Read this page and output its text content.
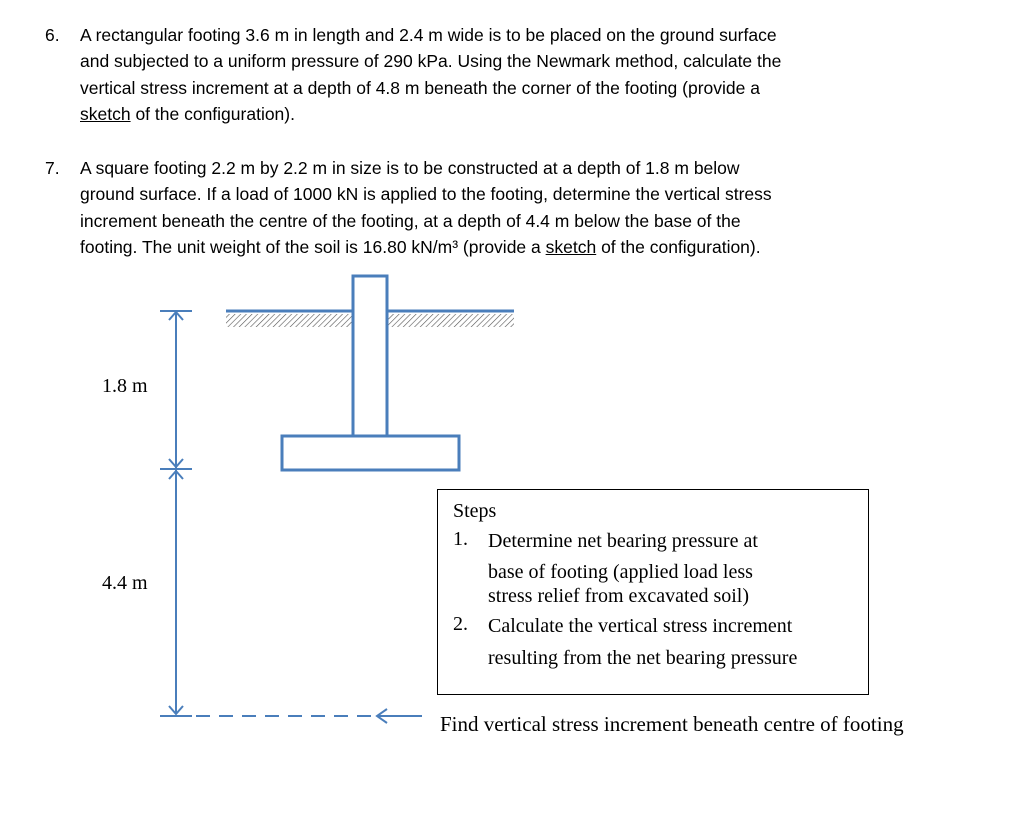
6. A rectangular footing 3.6 m in length and 2.4 m wide is to be placed on the ground surface
and subjected to a uniform pressure of 290 kPa. Using the Newmark method, calculate the
vertical stress increment at a depth of 4.8 m beneath the corner of the footing (provide a
sketch of the configuration).
7. A square footing 2.2 m by 2.2 m in size is to be constructed at a depth of 1.8 m below
ground surface. If a load of 1000 kN is applied to the footing, determine the vertical stress
increment beneath the centre of the footing, at a depth of 4.4 m below the base of the
footing. The unit weight of the soil is 16.80 kN/m³ (provide a sketch of the configuration).
1.8 m
4.4 m
Steps
1. Determine net bearing pressure at
base of footing (applied load less
stress relief from excavated soil)
2. Calculate the vertical stress increment
resulting from the net bearing pressure
Find vertical stress increment beneath centre of footing
